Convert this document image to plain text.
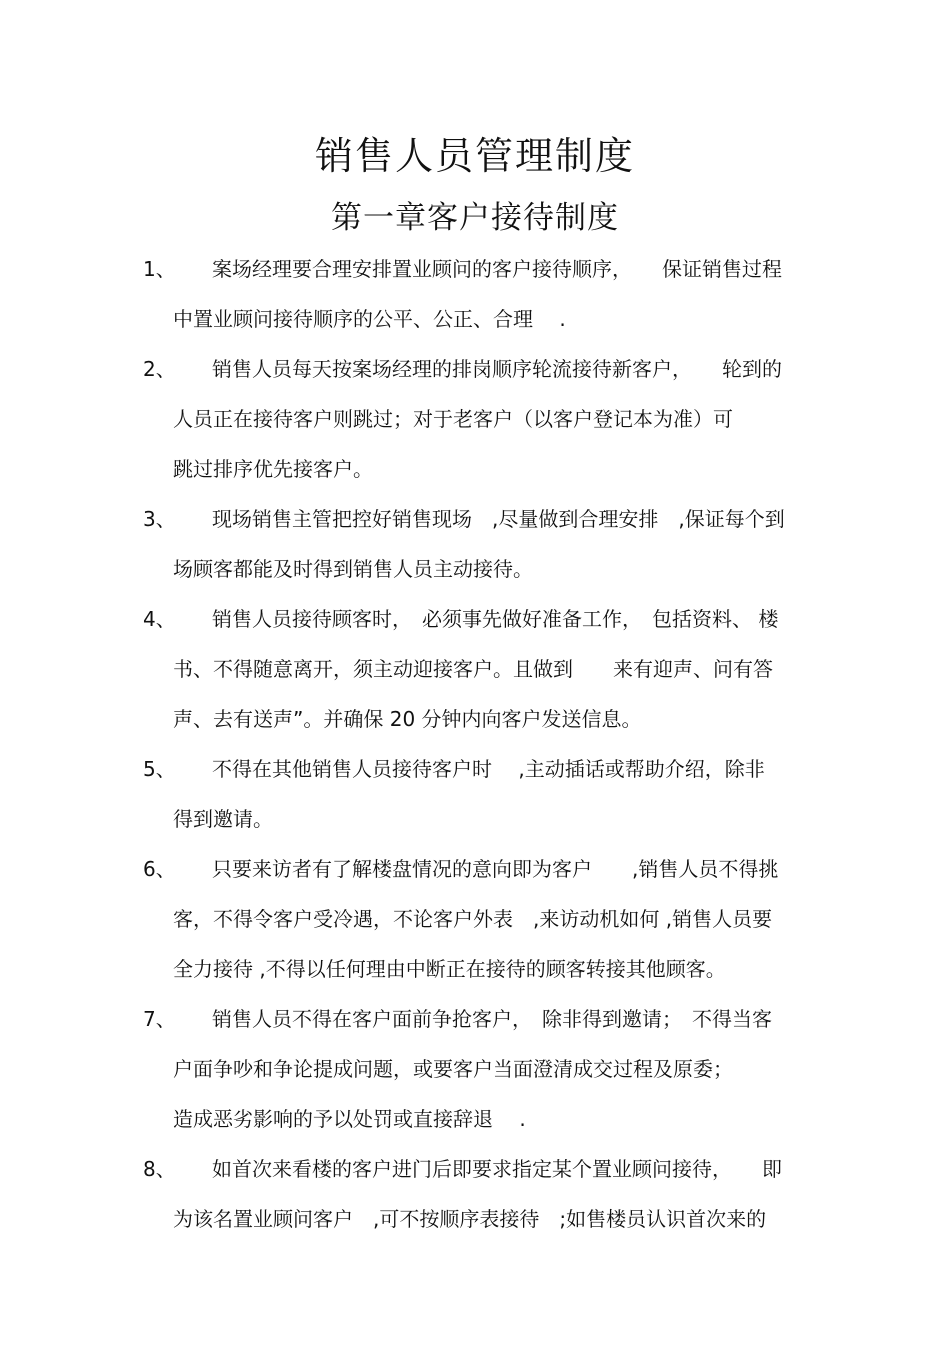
销售人员管理制度
第一章客户接待制度
1、 案场经理要合理安排置业顾问的客户接待顺序，　　保证销售过程
中置业顾问接待顺序的公平、公正、合理　 .
2、 销售人员每天按案场经理的排岗顺序轮流接待新客户，　　轮到的
人员正在接待客户则跳过；对于老客户（以客户登记本为准）可
跳过排序优先接客户。
3、 现场销售主管把控好销售现场　,尽量做到合理安排　,保证每个到
场顾客都能及时得到销售人员主动接待。
4、 销售人员接待顾客时，　必须事先做好准备工作，　包括资料、 楼
书、不得随意离开，须主动迎接客户。且做到　　来有迎声、问有答
声、去有送声”。并确保 20 分钟内向客户发送信息。
5、 不得在其他销售人员接待客户时　 ,主动插话或帮助介绍，除非
得到邀请。
6、 只要来访者有了解楼盘情况的意向即为客户　　,销售人员不得挑
客，不得令客户受冷遇，不论客户外表　,来访动机如何 ,销售人员要
全力接待 ,不得以任何理由中断正在接待的顾客转接其他顾客。
7、 销售人员不得在客户面前争抢客户，　除非得到邀请；　不得当客
户面争吵和争论提成问题，或要客户当面澄清成交过程及原委；
造成恶劣影响的予以处罚或直接辞退　 .
8、 如首次来看楼的客户进门后即要求指定某个置业顾问接待，　　即
为该名置业顾问客户　,可不按顺序表接待　;如售楼员认识首次来的
